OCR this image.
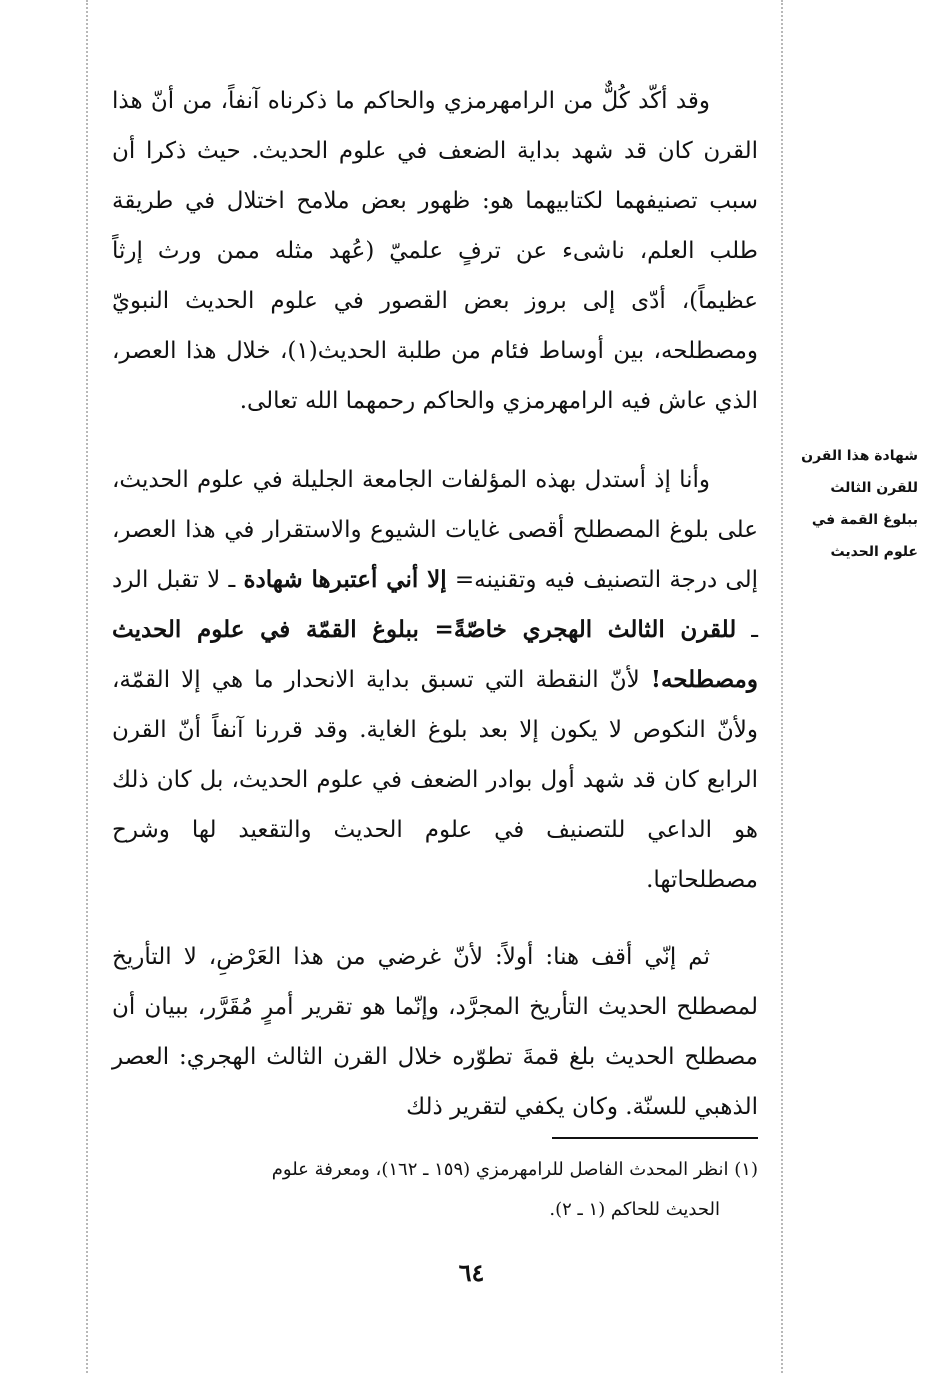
وقد أكّد كُلٌّ من الرامهرمزي والحاكم ما ذكرناه آنفاً، من أنّ هذا القرن كان قد شهد بداية الضعف في علوم الحديث. حيث ذكرا أن سبب تصنيفهما لكتابيهما هو: ظهور بعض ملامح اختلال في طريقة طلب العلم، ناشىء عن ترفٍ علميّ (عُهد مثله ممن ورث إرثاً عظيماً)، أدّى إلى بروز بعض القصور في علوم الحديث النبويّ ومصطلحه، بين أوساط فئام من طلبة الحديث(١)، خلال هذا العصر، الذي عاش فيه الرامهرمزي والحاكم رحمهما الله تعالى.

شهادة هذا القرن
للقرن الثالث
ببلوغ القمة في
علوم الحديث

وأنا إذ أستدل بهذه المؤلفات الجامعة الجليلة في علوم الحديث، على بلوغ المصطلح أقصى غايات الشيوع والاستقرار في هذا العصر، إلى درجة التصنيف فيه وتقنينه= إلا أني أعتبرها شهادة ـ لا تقبل الرد ـ للقرن الثالث الهجري خاصّةً= ببلوغ القمّة في علوم الحديث ومصطلحه! لأنّ النقطة التي تسبق بداية الانحدار ما هي إلا القمّة، ولأنّ النكوص لا يكون إلا بعد بلوغ الغاية. وقد قررنا آنفاً أنّ القرن الرابع كان قد شهد أول بوادر الضعف في علوم الحديث، بل كان ذلك هو الداعي للتصنيف في علوم الحديث والتقعيد لها وشرح مصطلحاتها.

ثم إنّي أقف هنا: أولاً: لأنّ غرضي من هذا العَرْضِ، لا التأريخ لمصطلح الحديث التأريخ المجرَّد، وإنّما هو تقرير أمرٍ مُقَرَّر، ببيان أن مصطلح الحديث بلغ قمةَ تطوّره خلال القرن الثالث الهجري: العصر الذهبي للسنّة. وكان يكفي لتقرير ذلك

(١) انظر المحدث الفاصل للرامهرمزي (١٥٩ ـ ١٦٢)، ومعرفة علوم
الحديث للحاكم (١ ـ ٢).
٦٤
